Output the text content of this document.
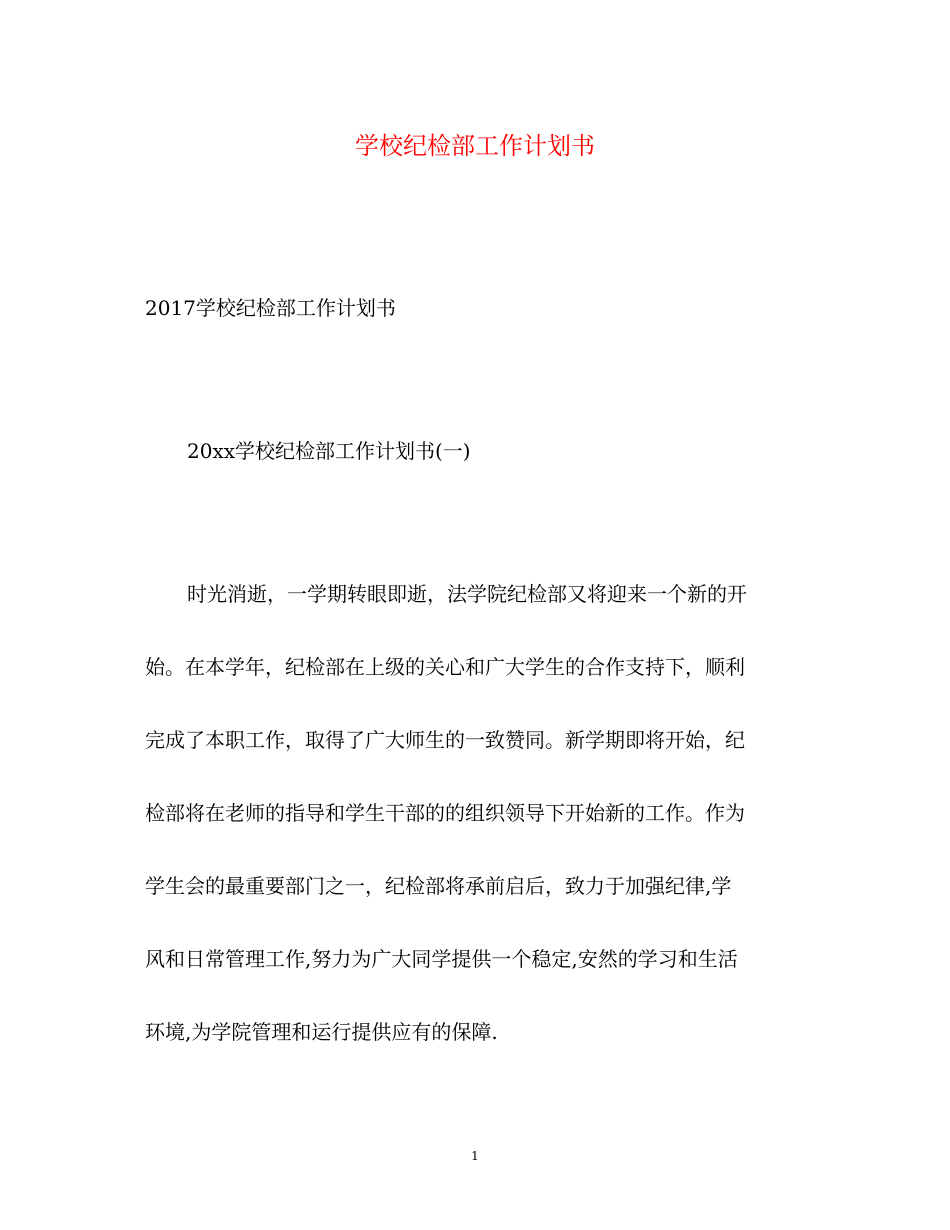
学校纪检部工作计划书
2017学校纪检部工作计划书
20xx学校纪检部工作计划书(一)
时光消逝，一学期转眼即逝，法学院纪检部又将迎来一个新的开
始。在本学年，纪检部在上级的关心和广大学生的合作支持下，顺利
完成了本职工作，取得了广大师生的一致赞同。新学期即将开始，纪
检部将在老师的指导和学生干部的的组织领导下开始新的工作。作为
学生会的最重要部门之一，纪检部将承前启后，致力于加强纪律,学
风和日常管理工作,努力为广大同学提供一个稳定,安然的学习和生活
环境,为学院管理和运行提供应有的保障.
1
